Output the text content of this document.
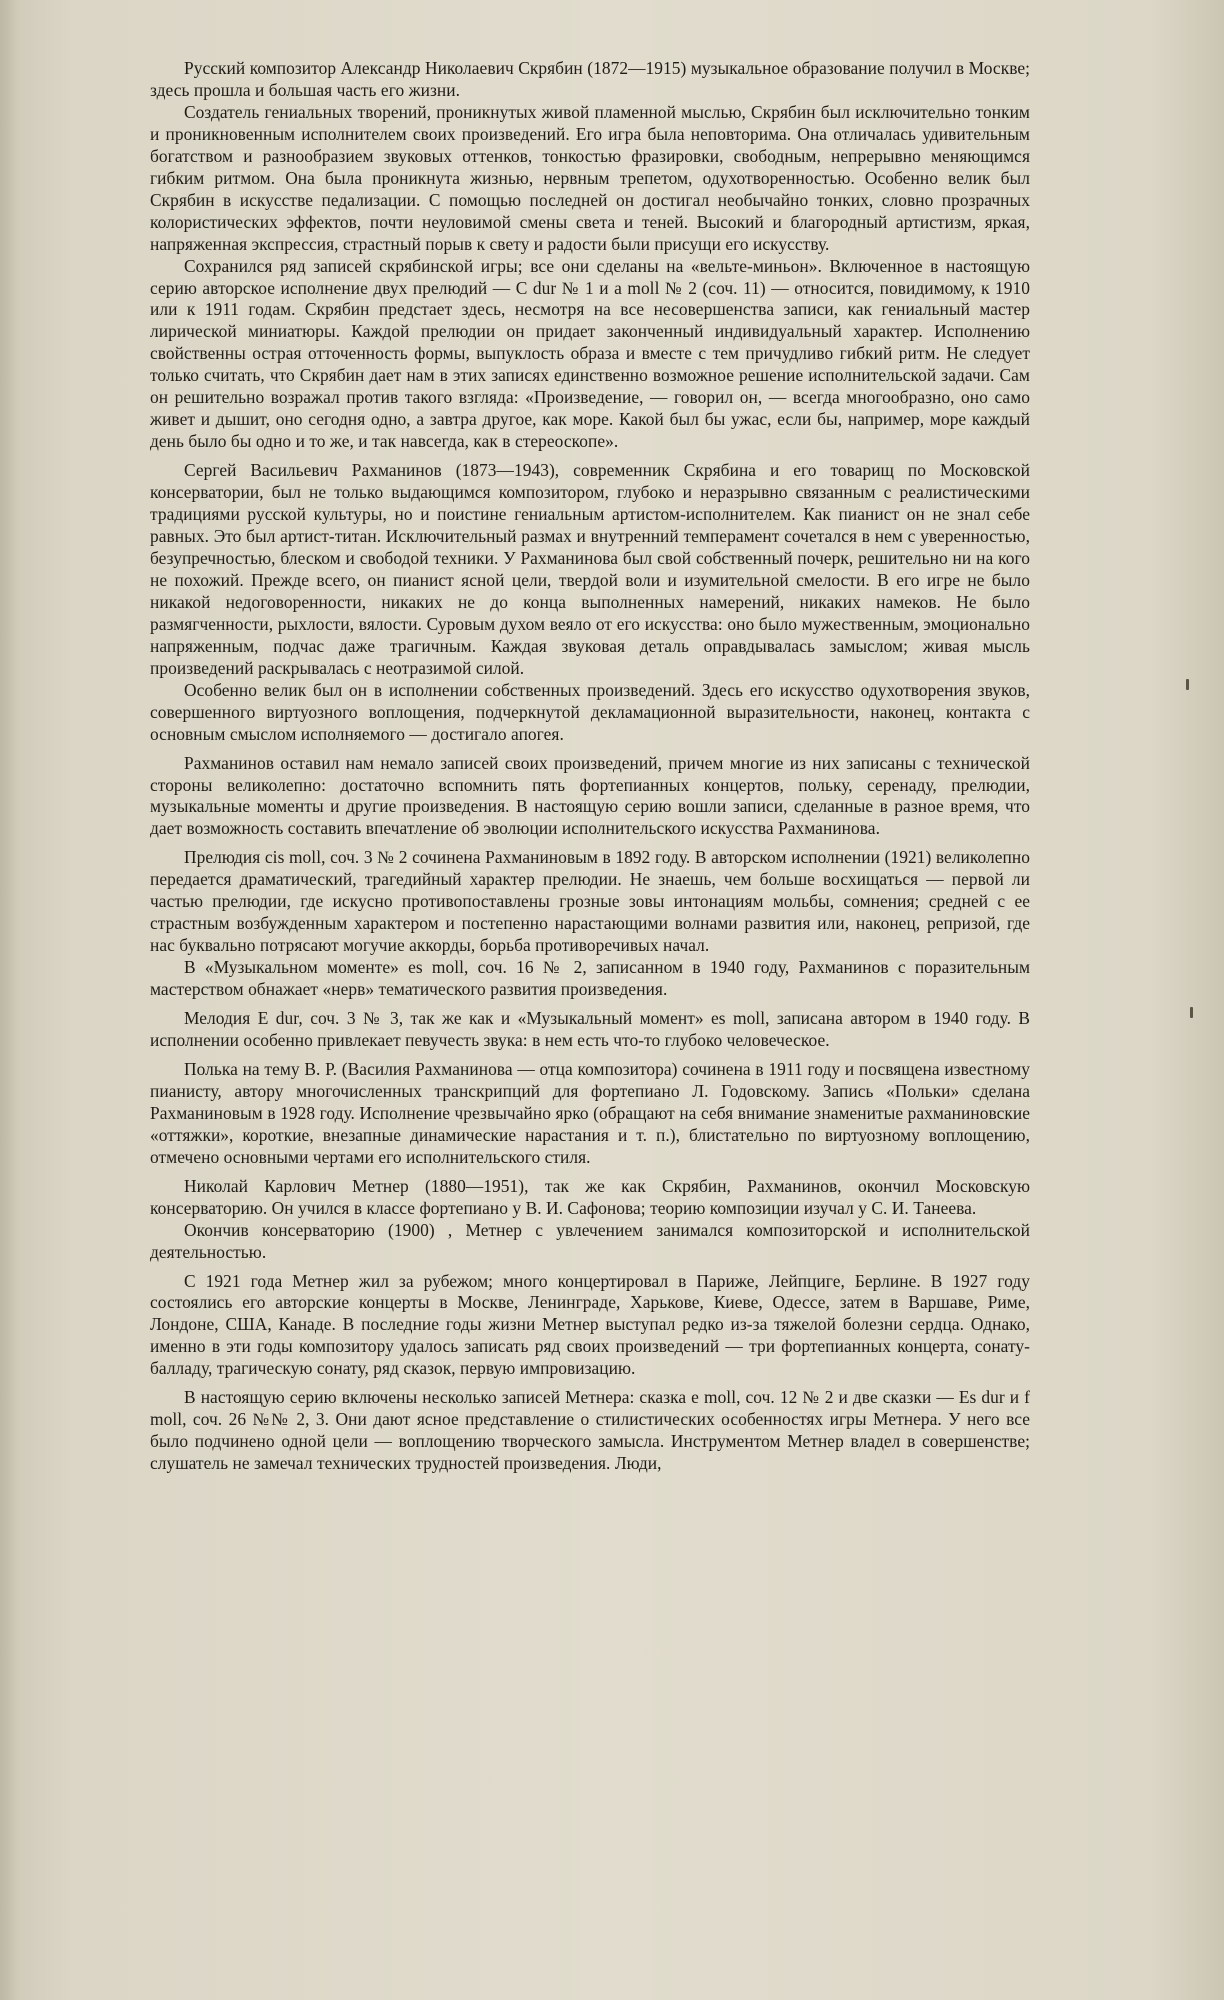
Русский композитор Александр Николаевич Скрябин (1872—1915) музыкальное образование получил в Москве; здесь прошла и большая часть его жизни.

Создатель гениальных творений, проникнутых живой пламенной мыслью, Скрябин был исключительно тонким и проникновенным исполнителем своих произведений. Его игра была неповторима. Она отличалась удивительным богатством и разнообразием звуковых оттенков, тонкостью фразировки, свободным, непрерывно меняющимся гибким ритмом. Она была проникнута жизнью, нервным трепетом, одухотворенностью. Особенно велик был Скрябин в искусстве педализации. С помощью последней он достигал необычайно тонких, словно прозрачных колористических эффектов, почти неуловимой смены света и теней. Высокий и благородный артистизм, яркая, напряженная экспрессия, страстный порыв к свету и радости были присущи его искусству.

Сохранился ряд записей скрябинской игры; все они сделаны на «вельте-миньон». Включенное в настоящую серию авторское исполнение двух прелюдий — C dur № 1 и a moll № 2 (соч. 11) — относится, повидимому, к 1910 или к 1911 годам. Скрябин предстает здесь, несмотря на все несовершенства записи, как гениальный мастер лирической миниатюры. Каждой прелюдии он придает законченный индивидуальный характер. Исполнению свойственны острая отточенность формы, выпуклость образа и вместе с тем причудливо гибкий ритм. Не следует только считать, что Скрябин дает нам в этих записях единственно возможное решение исполнительской задачи. Сам он решительно возражал против такого взгляда: «Произведение, — говорил он, — всегда многообразно, оно само живет и дышит, оно сегодня одно, а завтра другое, как море. Какой был бы ужас, если бы, например, море каждый день было бы одно и то же, и так навсегда, как в стереоскопе».

Сергей Васильевич Рахманинов (1873—1943), современник Скрябина и его товарищ по Московской консерватории, был не только выдающимся композитором, глубоко и неразрывно связанным с реалистическими традициями русской культуры, но и поистине гениальным артистом-исполнителем. Как пианист он не знал себе равных. Это был артист-титан. Исключительный размах и внутренний темперамент сочетался в нем с уверенностью, безупречностью, блеском и свободой техники. У Рахманинова был свой собственный почерк, решительно ни на кого не похожий. Прежде всего, он пианист ясной цели, твердой воли и изумительной смелости. В его игре не было никакой недоговоренности, никаких не до конца выполненных намерений, никаких намеков. Не было размягченности, рыхлости, вялости. Суровым духом веяло от его искусства: оно было мужественным, эмоционально напряженным, подчас даже трагичным. Каждая звуковая деталь оправдывалась замыслом; живая мысль произведений раскрывалась с неотразимой силой.

Особенно велик был он в исполнении собственных произведений. Здесь его искусство одухотворения звуков, совершенного виртуозного воплощения, подчеркнутой декламационной выразительности, наконец, контакта с основным смыслом исполняемого — достигало апогея.

Рахманинов оставил нам немало записей своих произведений, причем многие из них записаны с технической стороны великолепно: достаточно вспомнить пять фортепианных концертов, польку, серенаду, прелюдии, музыкальные моменты и другие произведения. В настоящую серию вошли записи, сделанные в разное время, что дает возможность составить впечатление об эволюции исполнительского искусства Рахманинова.

Прелюдия cis moll, соч. 3 № 2 сочинена Рахманиновым в 1892 году. В авторском исполнении (1921) великолепно передается драматический, трагедийный характер прелюдии. Не знаешь, чем больше восхищаться — первой ли частью прелюдии, где искусно противопоставлены грозные зовы интонациям мольбы, сомнения; средней с ее страстным возбужденным характером и постепенно нарастающими волнами развития или, наконец, репризой, где нас буквально потрясают могучие аккорды, борьба противоречивых начал.

В «Музыкальном моменте» es moll, соч. 16 № 2, записанном в 1940 году, Рахманинов с поразительным мастерством обнажает «нерв» тематического развития произведения.

Мелодия E dur, соч. 3 № 3, так же как и «Музыкальный момент» es moll, записана автором в 1940 году. В исполнении особенно привлекает певучесть звука: в нем есть что-то глубоко человеческое.

Полька на тему В. Р. (Василия Рахманинова — отца композитора) сочинена в 1911 году и посвящена известному пианисту, автору многочисленных транскрипций для фортепиано Л. Годовскому. Запись «Польки» сделана Рахманиновым в 1928 году. Исполнение чрезвычайно ярко (обращают на себя внимание знаменитые рахманиновские «оттяжки», короткие, внезапные динамические нарастания и т. п.), блистательно по виртуозному воплощению, отмечено основными чертами его исполнительского стиля.

Николай Карлович Метнер (1880—1951), так же как Скрябин, Рахманинов, окончил Московскую консерваторию. Он учился в классе фортепиано у В. И. Сафонова; теорию композиции изучал у С. И. Танеева.

Окончив консерваторию (1900) , Метнер с увлечением занимался композиторской и исполнительской деятельностью.

С 1921 года Метнер жил за рубежом; много концертировал в Париже, Лейпциге, Берлине. В 1927 году состоялись его авторские концерты в Москве, Ленинграде, Харькове, Киеве, Одессе, затем в Варшаве, Риме, Лондоне, США, Канаде. В последние годы жизни Метнер выступал редко из-за тяжелой болезни сердца. Однако, именно в эти годы композитору удалось записать ряд своих произведений — три фортепианных концерта, сонату-балладу, трагическую сонату, ряд сказок, первую импровизацию.

В настоящую серию включены несколько записей Метнера: сказка e moll, соч. 12 № 2 и две сказки — Es dur и f moll, соч. 26 №№ 2, 3. Они дают ясное представление о стилистических особенностях игры Метнера. У него все было подчинено одной цели — воплощению творческого замысла. Инструментом Метнер владел в совершенстве; слушатель не замечал технических трудностей произведения. Люди,
